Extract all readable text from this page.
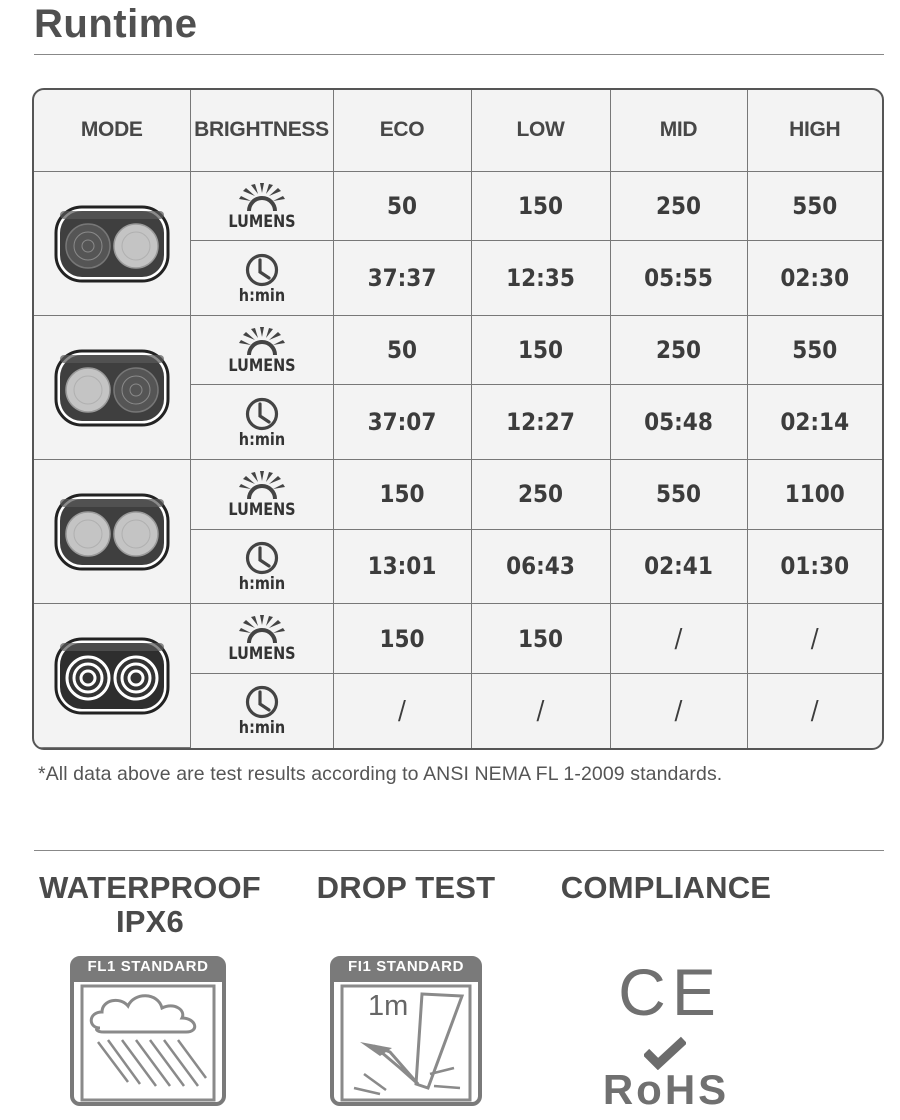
Runtime
MODE	BRIGHTNESS	ECO	LOW	MID	HIGH

LUMENS	50	150	250	550

	h:min	37:37	12:35	05:55	02:30

LUMENS	50	150	250	550

	h:min	37:07	12:27	05:48	02:14

LUMENS	150	250	550	1100

	h:min	13:01	06:43	02:41	01:30

LUMENS	150	150	/	/

	h:min	/	/	/	/
*All data above are test results according to ANSI NEMA FL 1-2009 standards.
WATERPROOF
IPX6
FL1 STANDARD
DROP TEST
FI1 STANDARD
1m
COMPLIANCE
CE
RoHS
